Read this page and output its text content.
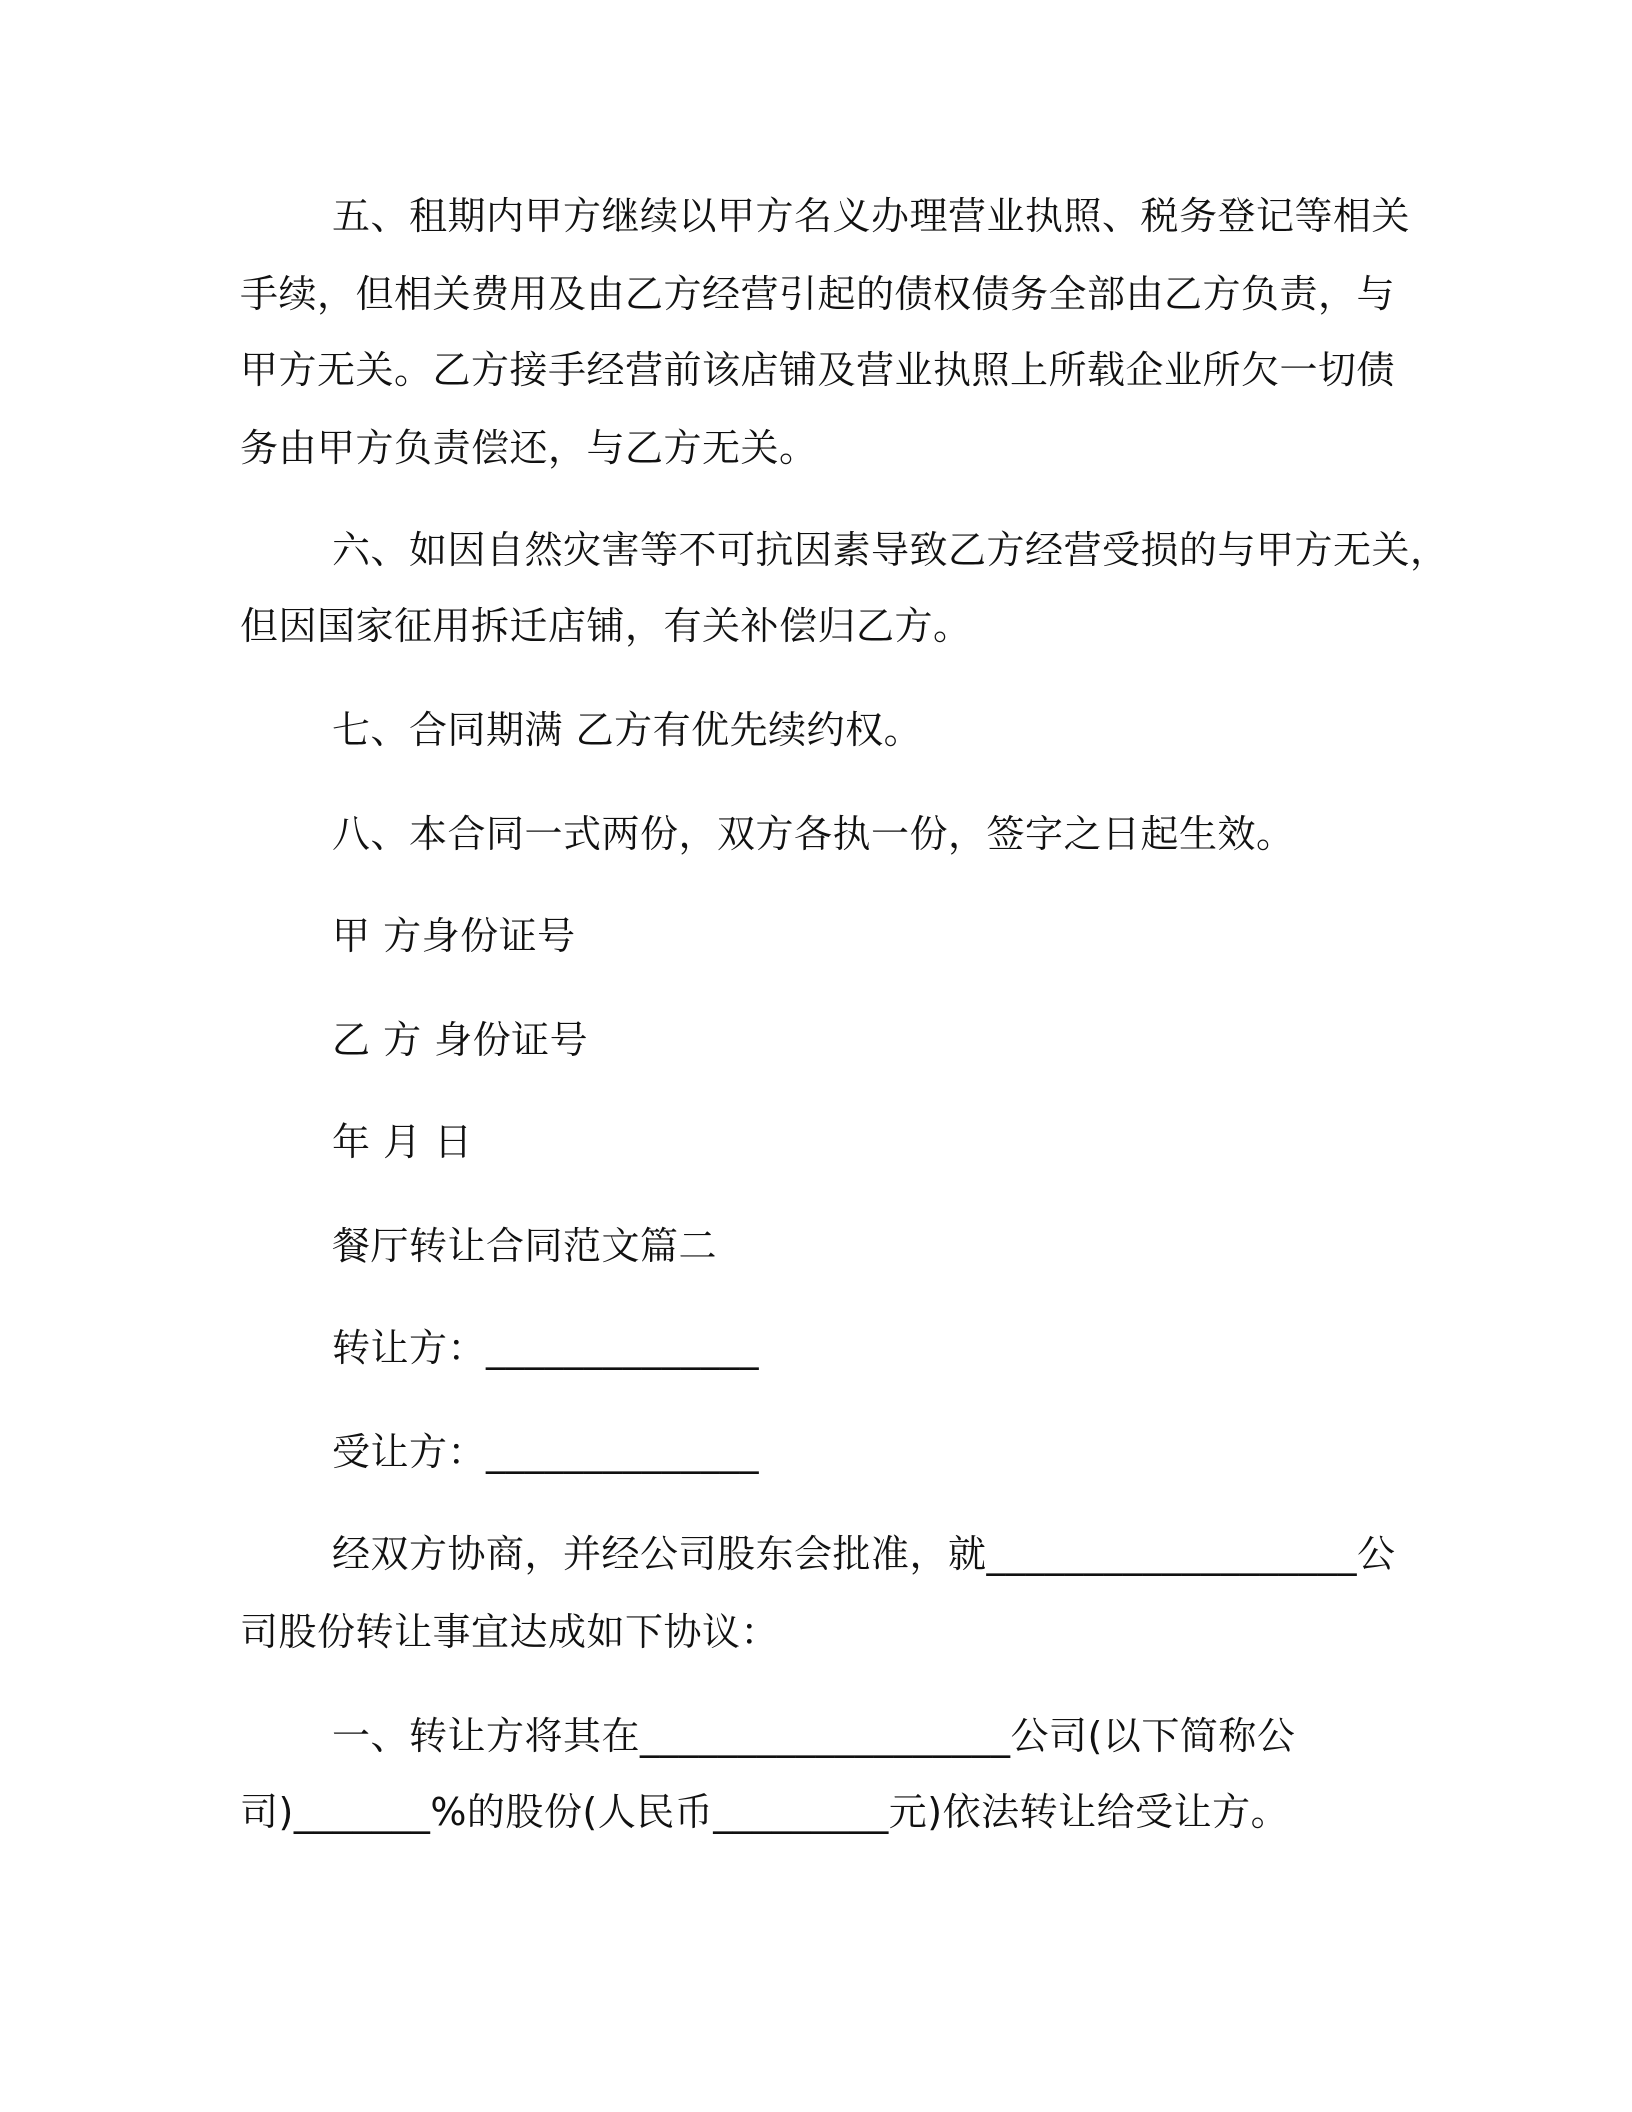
五、租期内甲方继续以甲方名义办理营业执照、税务登记等相关
手续，但相关费用及由乙方经营引起的债权债务全部由乙方负责，与
甲方无关。乙方接手经营前该店铺及营业执照上所载企业所欠一切债
务由甲方负责偿还，与乙方无关。
六、如因自然灾害等不可抗因素导致乙方经营受损的与甲方无关，
但因国家征用拆迁店铺，有关补偿归乙方。
七、合同期满 乙方有优先续约权。
八、本合同一式两份，双方各执一份，签字之日起生效。
甲 方身份证号
乙 方 身份证号
年 月 日
餐厅转让合同范文篇二
转让方：______________
受让方：______________
经双方协商，并经公司股东会批准，就___________________公
司股份转让事宜达成如下协议：
一、转让方将其在___________________公司(以下简称公
司)_______%的股份(人民币_________元)依法转让给受让方。
